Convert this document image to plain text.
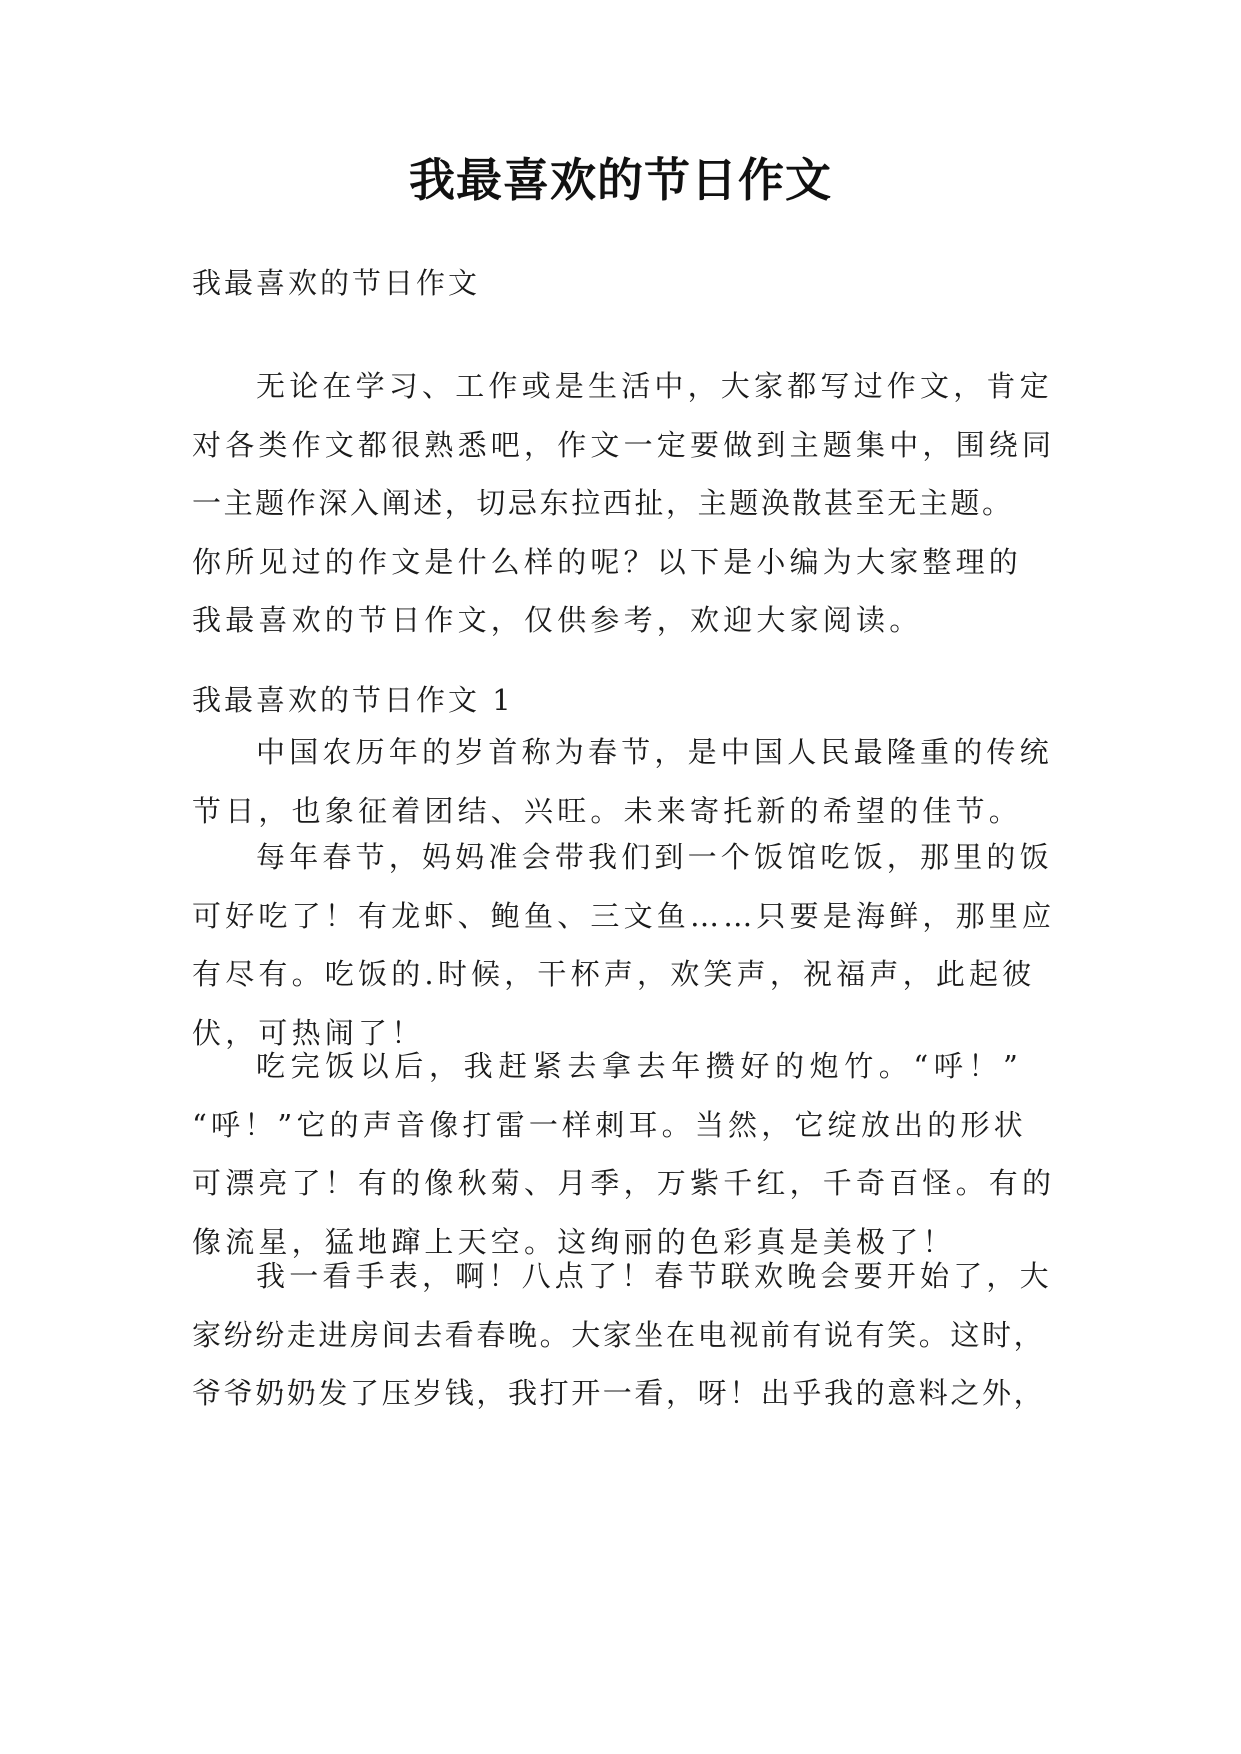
我最喜欢的节日作文
我最喜欢的节日作文
无论在学习、工作或是生活中，大家都写过作文，肯定
对各类作文都很熟悉吧，作文一定要做到主题集中，围绕同
一主题作深入阐述，切忌东拉西扯，主题涣散甚至无主题。
你所见过的作文是什么样的呢？以下是小编为大家整理的
我最喜欢的节日作文，仅供参考，欢迎大家阅读。
我最喜欢的节日作文 1
中国农历年的岁首称为春节，是中国人民最隆重的传统
节日，也象征着团结、兴旺。未来寄托新的希望的佳节。
每年春节，妈妈准会带我们到一个饭馆吃饭，那里的饭
可好吃了！有龙虾、鲍鱼、三文鱼……只要是海鲜，那里应
有尽有。吃饭的.时候，干杯声，欢笑声，祝福声，此起彼
伏，可热闹了！
吃完饭以后，我赶紧去拿去年攒好的炮竹。“呼！”
“呼！”它的声音像打雷一样刺耳。当然，它绽放出的形状
可漂亮了！有的像秋菊、月季，万紫千红，千奇百怪。有的
像流星，猛地蹿上天空。这绚丽的色彩真是美极了！
我一看手表，啊！八点了！春节联欢晚会要开始了，大
家纷纷走进房间去看春晚。大家坐在电视前有说有笑。这时，
爷爷奶奶发了压岁钱，我打开一看，呀！出乎我的意料之外，
